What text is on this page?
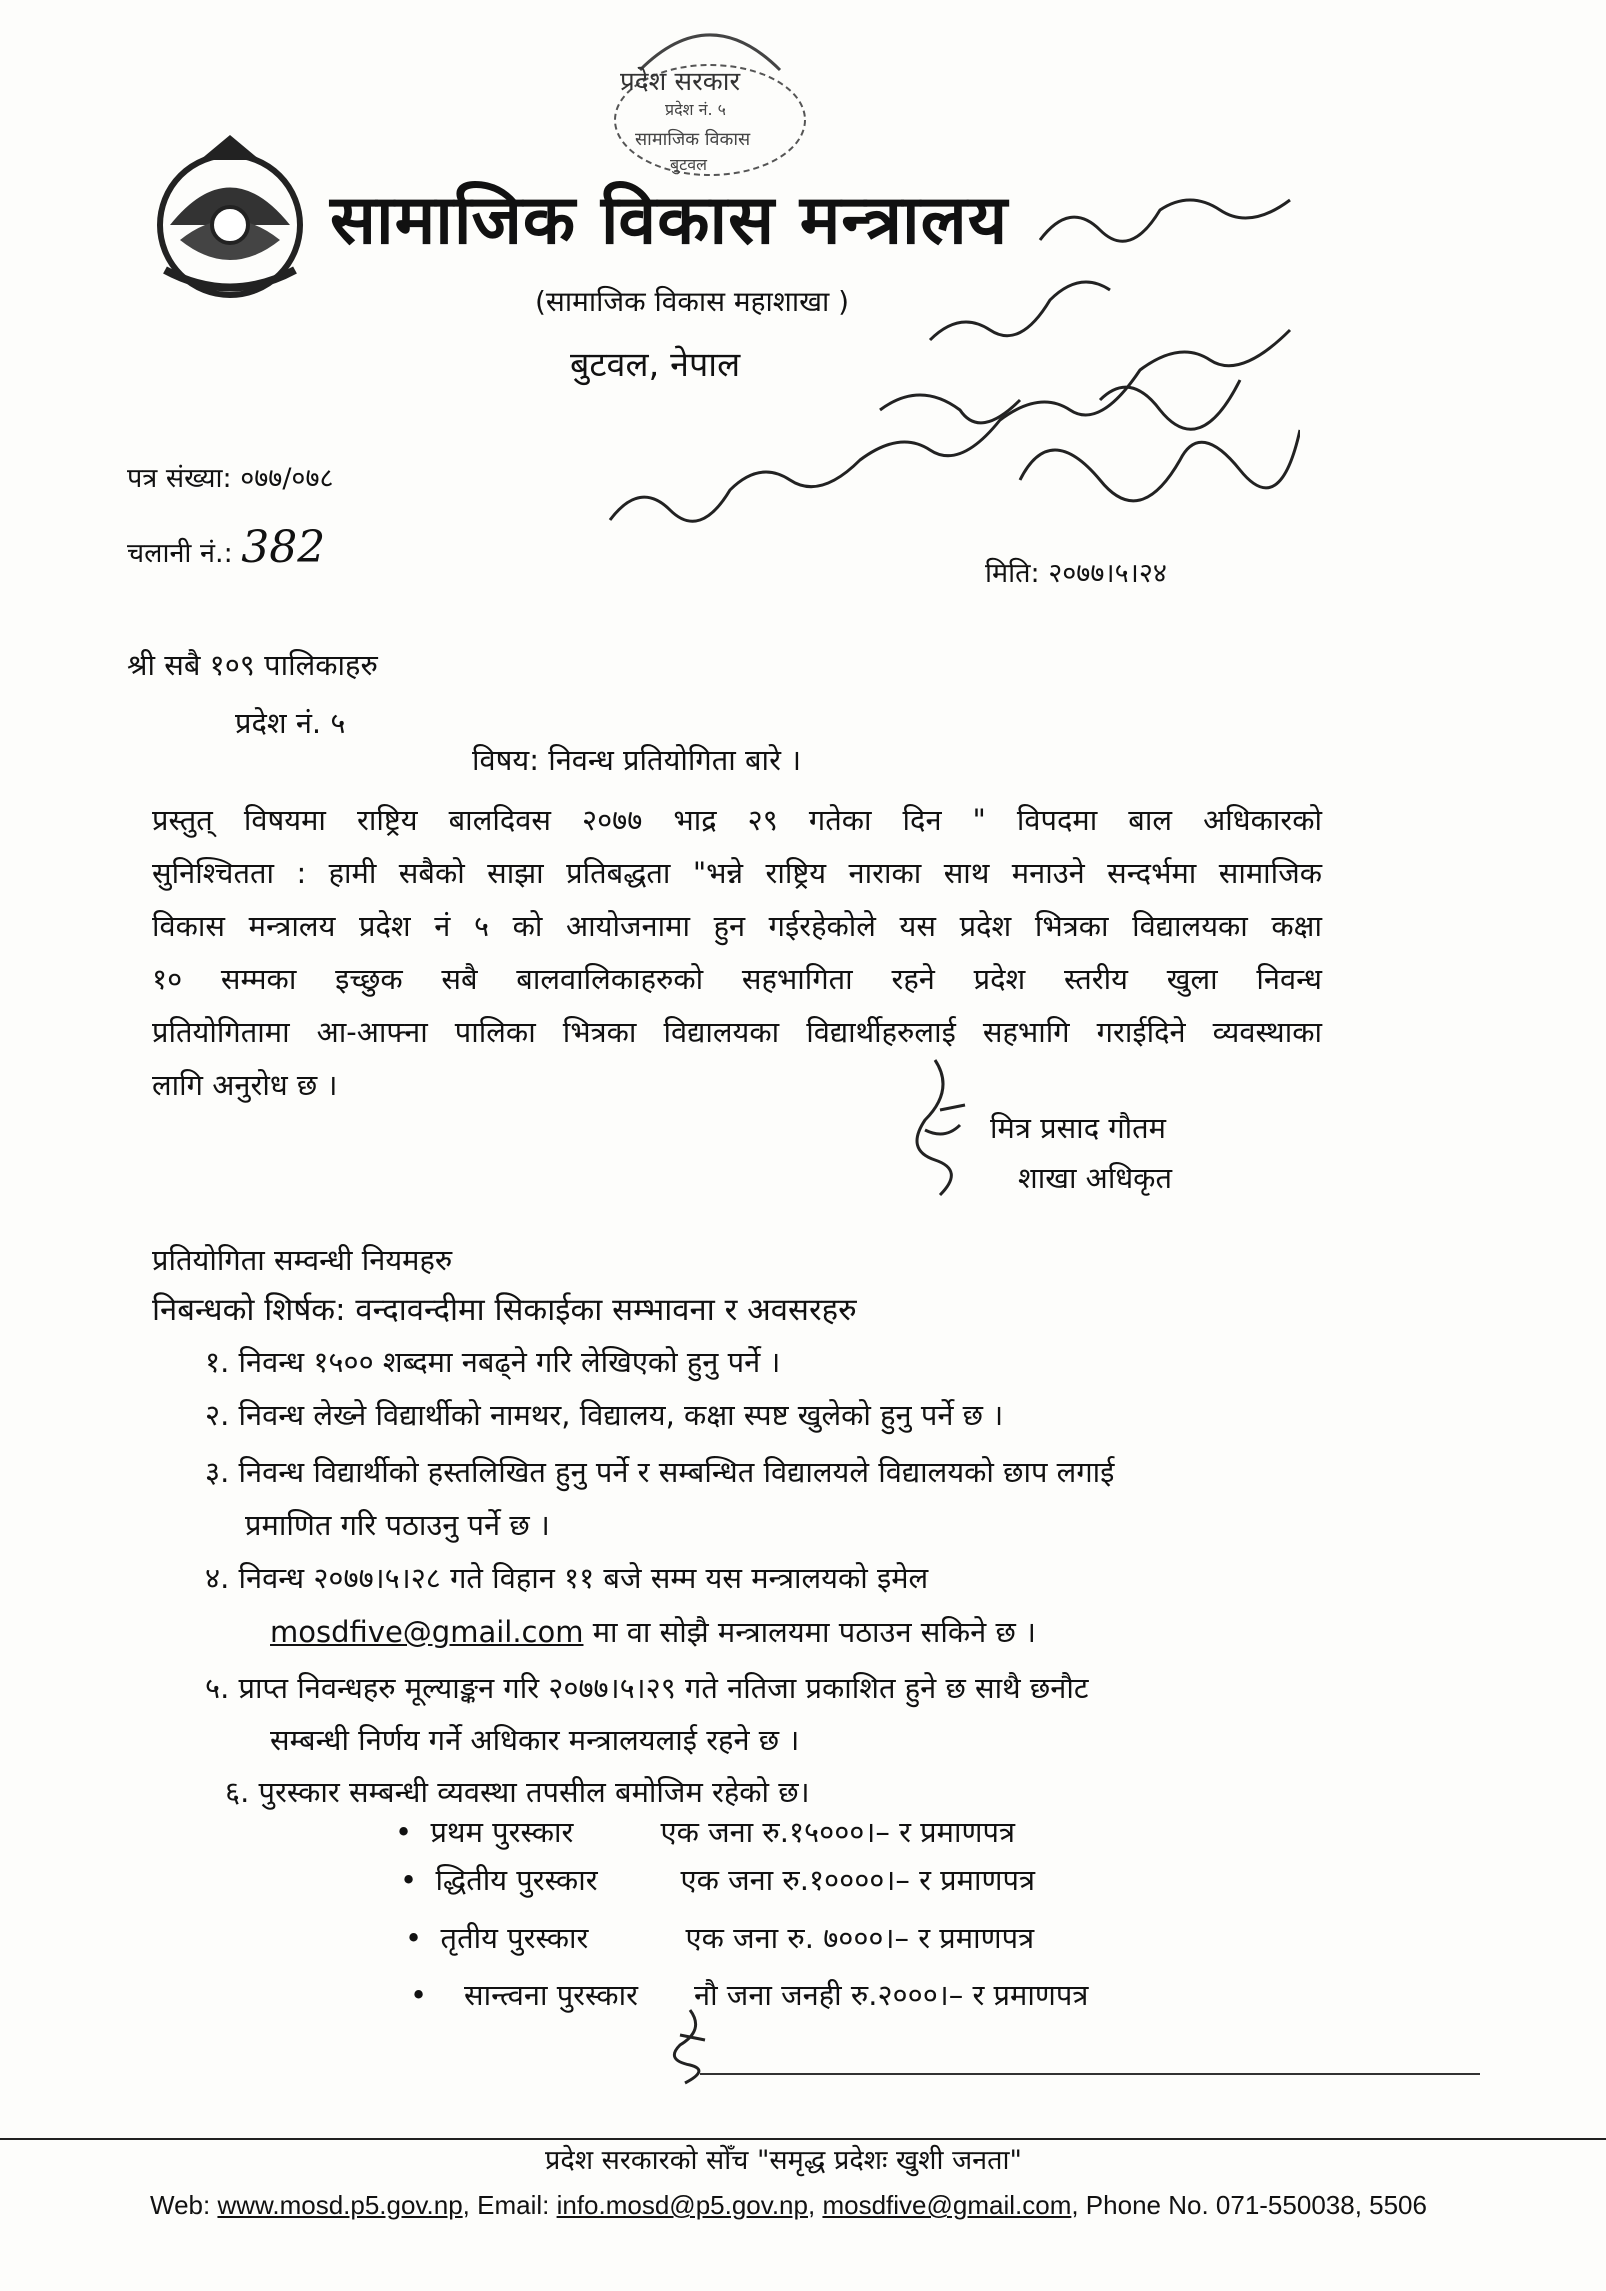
प्रदेश सरकार
प्रदेश नं. ५
सामाजिक विकास
बुटवल
सामाजिक विकास मन्त्रालय
(सामाजिक विकास महाशाखा )
बुटवल, नेपाल
पत्र संख्या: ०७७/०७८
चलानी नं.: 382
मिति: २०७७।५।२४
श्री सबै १०९ पालिकाहरु
प्रदेश नं. ५
विषय: निवन्ध प्रतियोगिता बारे ।
प्रस्तुत् विषयमा राष्ट्रिय बालदिवस २०७७ भाद्र २९ गतेका दिन " विपदमा बाल अधिकारको
सुनिश्चितता : हामी सबैको साझा प्रतिबद्धता "भन्ने राष्ट्रिय नाराका साथ मनाउने सन्दर्भमा सामाजिक
विकास मन्त्रालय प्रदेश नं ५ को आयोजनामा हुन गईरहेकोले यस प्रदेश भित्रका विद्यालयका कक्षा
१० सम्मका इच्छुक सबै बालवालिकाहरुको सहभागिता रहने प्रदेश स्तरीय खुला निवन्ध
प्रतियोगितामा आ-आफ्ना पालिका भित्रका विद्यालयका विद्यार्थीहरुलाई सहभागि गराईदिने व्यवस्थाका
लागि अनुरोध छ ।
मित्र प्रसाद गौतम
शाखा अधिकृत
प्रतियोगिता सम्वन्धी नियमहरु
निबन्धको शिर्षक: वन्दावन्दीमा सिकाईका सम्भावना र अवसरहरु
१. निवन्ध १५०० शब्दमा नबढ्ने गरि लेखिएको हुनु पर्ने ।
२. निवन्ध लेख्ने विद्यार्थीको नामथर, विद्यालय, कक्षा स्पष्ट खुलेको हुनु पर्ने छ ।
३. निवन्ध विद्यार्थीको हस्तलिखित हुनु पर्ने र सम्बन्धित विद्यालयले विद्यालयको छाप लगाई
प्रमाणित गरि पठाउनु पर्ने छ ।
४. निवन्ध २०७७।५।२८ गते विहान ११ बजे सम्म यस मन्त्रालयको इमेल
mosdfive@gmail.com मा वा सोझै मन्त्रालयमा पठाउन सकिने छ ।
५. प्राप्त निवन्धहरु मूल्याङ्कन गरि २०७७।५।२९ गते नतिजा प्रकाशित हुने छ साथै छनौट
सम्बन्धी निर्णय गर्ने अधिकार मन्त्रालयलाई रहने छ ।
६. पुरस्कार सम्बन्धी व्यवस्था तपसील बमोजिम रहेको छ।
• प्रथम पुरस्कार	एक जना रु.१५०००।– र प्रमाणपत्र
• द्धितीय पुरस्कार	एक जना रु.१००००।– र प्रमाणपत्र
• तृतीय पुरस्कार	एक जना रु. ७०००।– र प्रमाणपत्र
• सान्त्वना पुरस्कार नौ जना जनही रु.२०००।– र प्रमाणपत्र
प्रदेश सरकारको सोँच "समृद्ध प्रदेशः खुशी जनता"
Web: www.mosd.p5.gov.np, Email: info.mosd@p5.gov.np, mosdfive@gmail.com, Phone No. 071-550038, 5506
